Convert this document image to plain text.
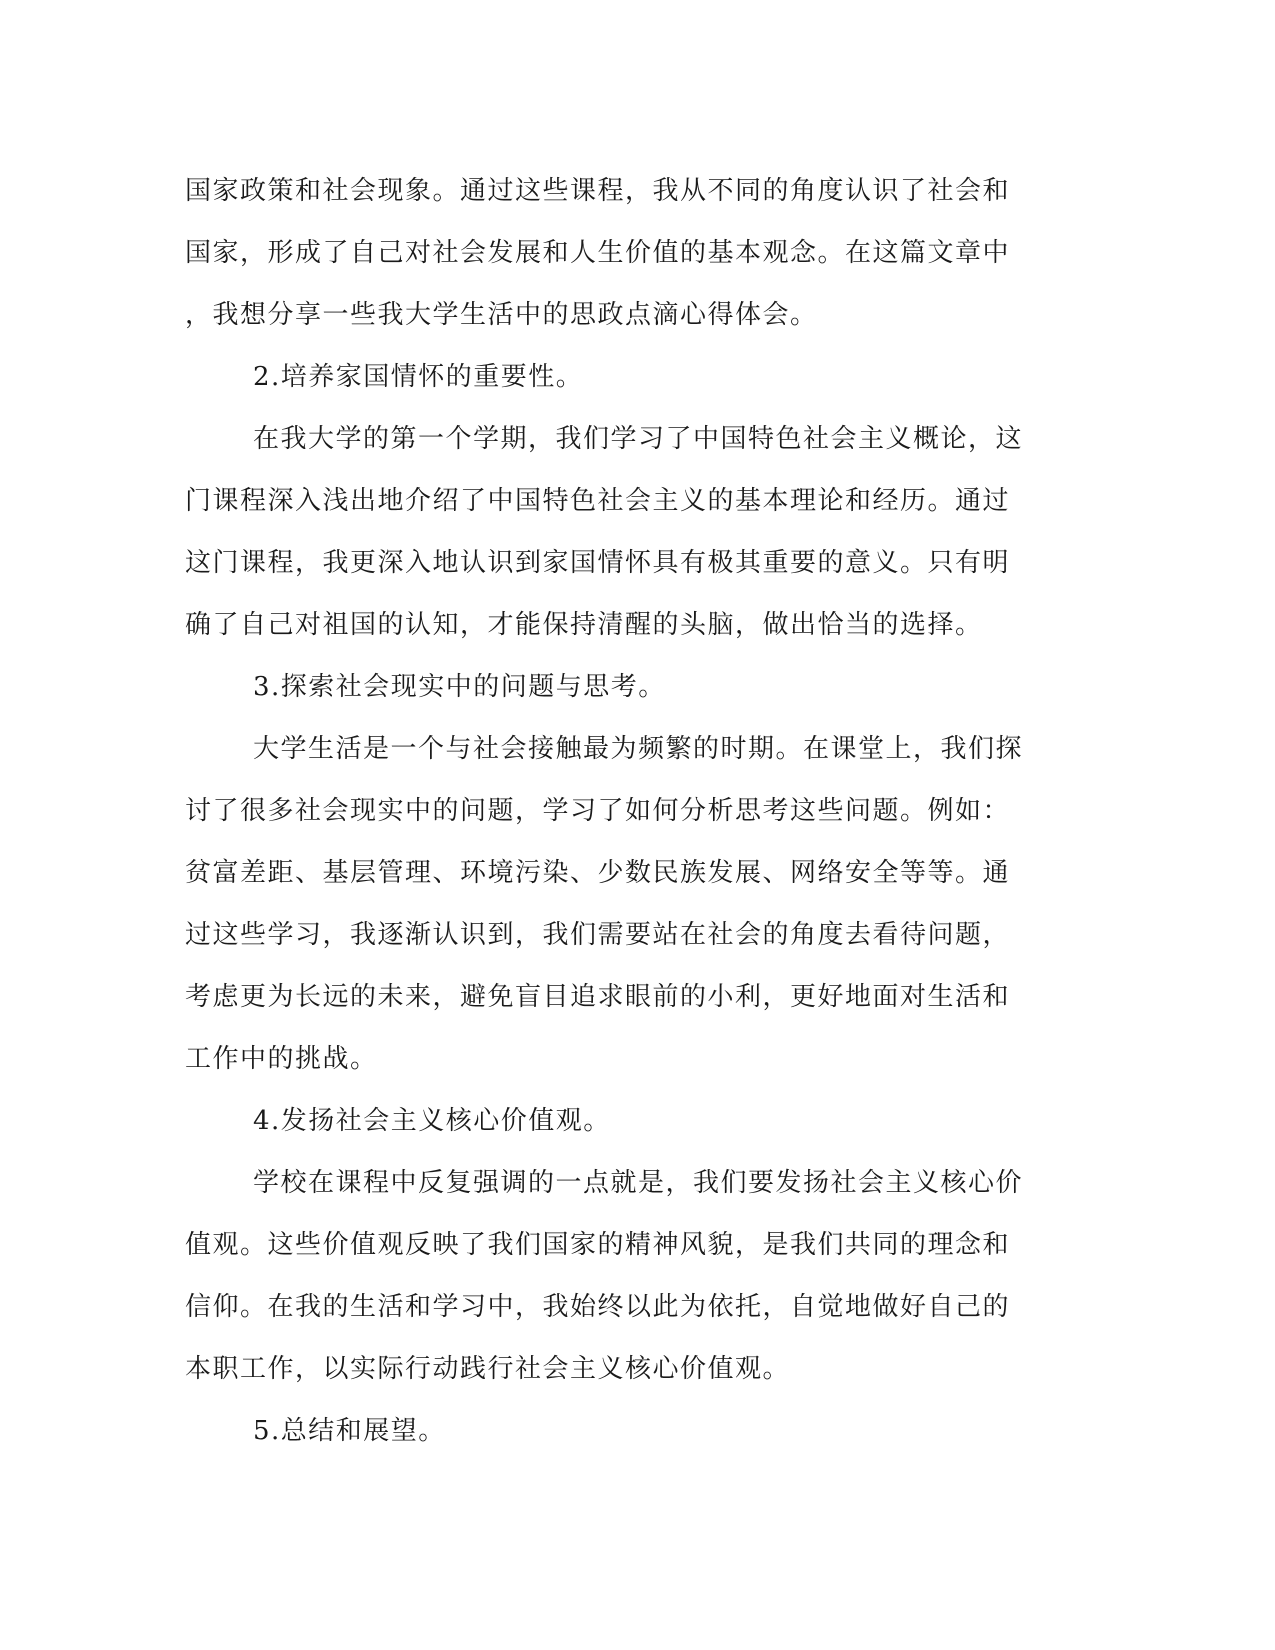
国家政策和社会现象。通过这些课程，我从不同的角度认识了社会和
国家，形成了自己对社会发展和人生价值的基本观念。在这篇文章中
，我想分享一些我大学生活中的思政点滴心得体会。
2.培养家国情怀的重要性。
在我大学的第一个学期，我们学习了中国特色社会主义概论，这
门课程深入浅出地介绍了中国特色社会主义的基本理论和经历。通过
这门课程，我更深入地认识到家国情怀具有极其重要的意义。只有明
确了自己对祖国的认知，才能保持清醒的头脑，做出恰当的选择。
3.探索社会现实中的问题与思考。
大学生活是一个与社会接触最为频繁的时期。在课堂上，我们探
讨了很多社会现实中的问题，学习了如何分析思考这些问题。例如：
贫富差距、基层管理、环境污染、少数民族发展、网络安全等等。通
过这些学习，我逐渐认识到，我们需要站在社会的角度去看待问题，
考虑更为长远的未来，避免盲目追求眼前的小利，更好地面对生活和
工作中的挑战。
4.发扬社会主义核心价值观。
学校在课程中反复强调的一点就是，我们要发扬社会主义核心价
值观。这些价值观反映了我们国家的精神风貌，是我们共同的理念和
信仰。在我的生活和学习中，我始终以此为依托，自觉地做好自己的
本职工作，以实际行动践行社会主义核心价值观。
5.总结和展望。
